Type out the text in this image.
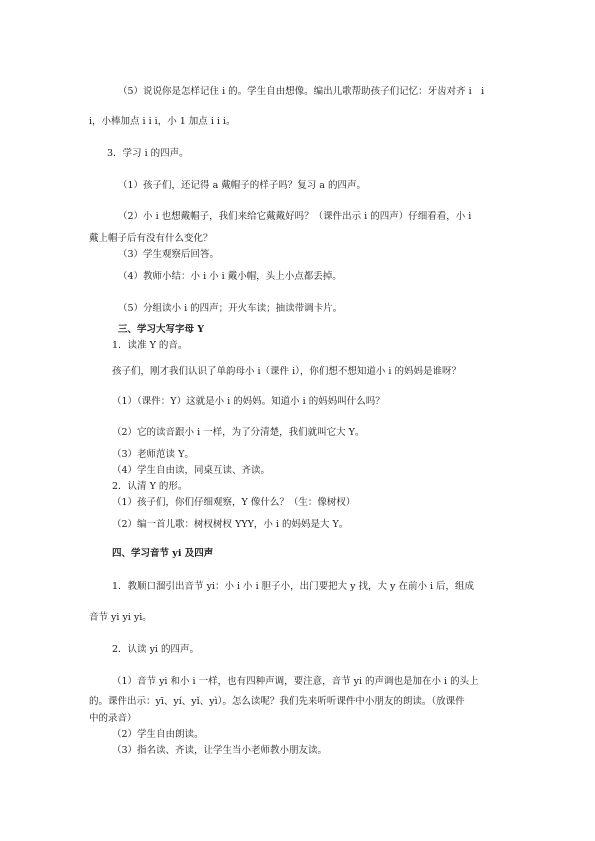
（5）说说你是怎样记住 i 的。学生自由想像。编出儿歌帮助孩子们记忆：牙齿对齐 i　i
i，小棒加点 i i i，小 1 加点 i i i。
3．学习 i 的四声。
（1）孩子们，还记得 a 戴帽子的样子吗？复习 a 的四声。
（2）小 i 也想戴帽子，我们来给它戴戴好吗？（课件出示 i 的四声）仔细看看，小 i
戴上帽子后有没有什么变化？
（3）学生观察后回答。
（4）教师小结：小 i 小 i 戴小帽，头上小点都丢掉。
（5）分组读小 i 的四声；开火车读；抽读带调卡片。
三、学习大写字母 Y
1．读准 Y 的音。
孩子们，刚才我们认识了单韵母小 i（课件 i），你们想不想知道小 i 的妈妈是谁呀？
（1）（课件：Y）这就是小 i 的妈妈。知道小 i 的妈妈叫什么吗？
（2）它的读音跟小 i 一样，为了分清楚，我们就叫它大 Y。
（3）老师范读 Y。
（4）学生自由读，同桌互读、齐读。
2．认清 Y 的形。
（1）孩子们，你们仔细观察，Y 像什么？（生：像树杈）
（2）编一首儿歌：树杈树杈 YYY，小 i 的妈妈是大 Y。
四、学习音节 yi 及四声
1．教顺口溜引出音节 yi：小 i 小 i 胆子小，出门要把大 y 找，大 y 在前小 i 后，组成
音节 yi yi yi。
2．认读 yi 的四声。
（1）音节 yi 和小 i 一样，也有四种声调，要注意，音节 yi 的声调也是加在小 i 的头上
的。课件出示：yī、yí、yǐ、yì）。怎么读呢？我们先来听听课件中小朋友的朗读。（放课件
中的录音）
（2）学生自由朗读。
（3）指名读、齐读，让学生当小老师教小朋友读。
